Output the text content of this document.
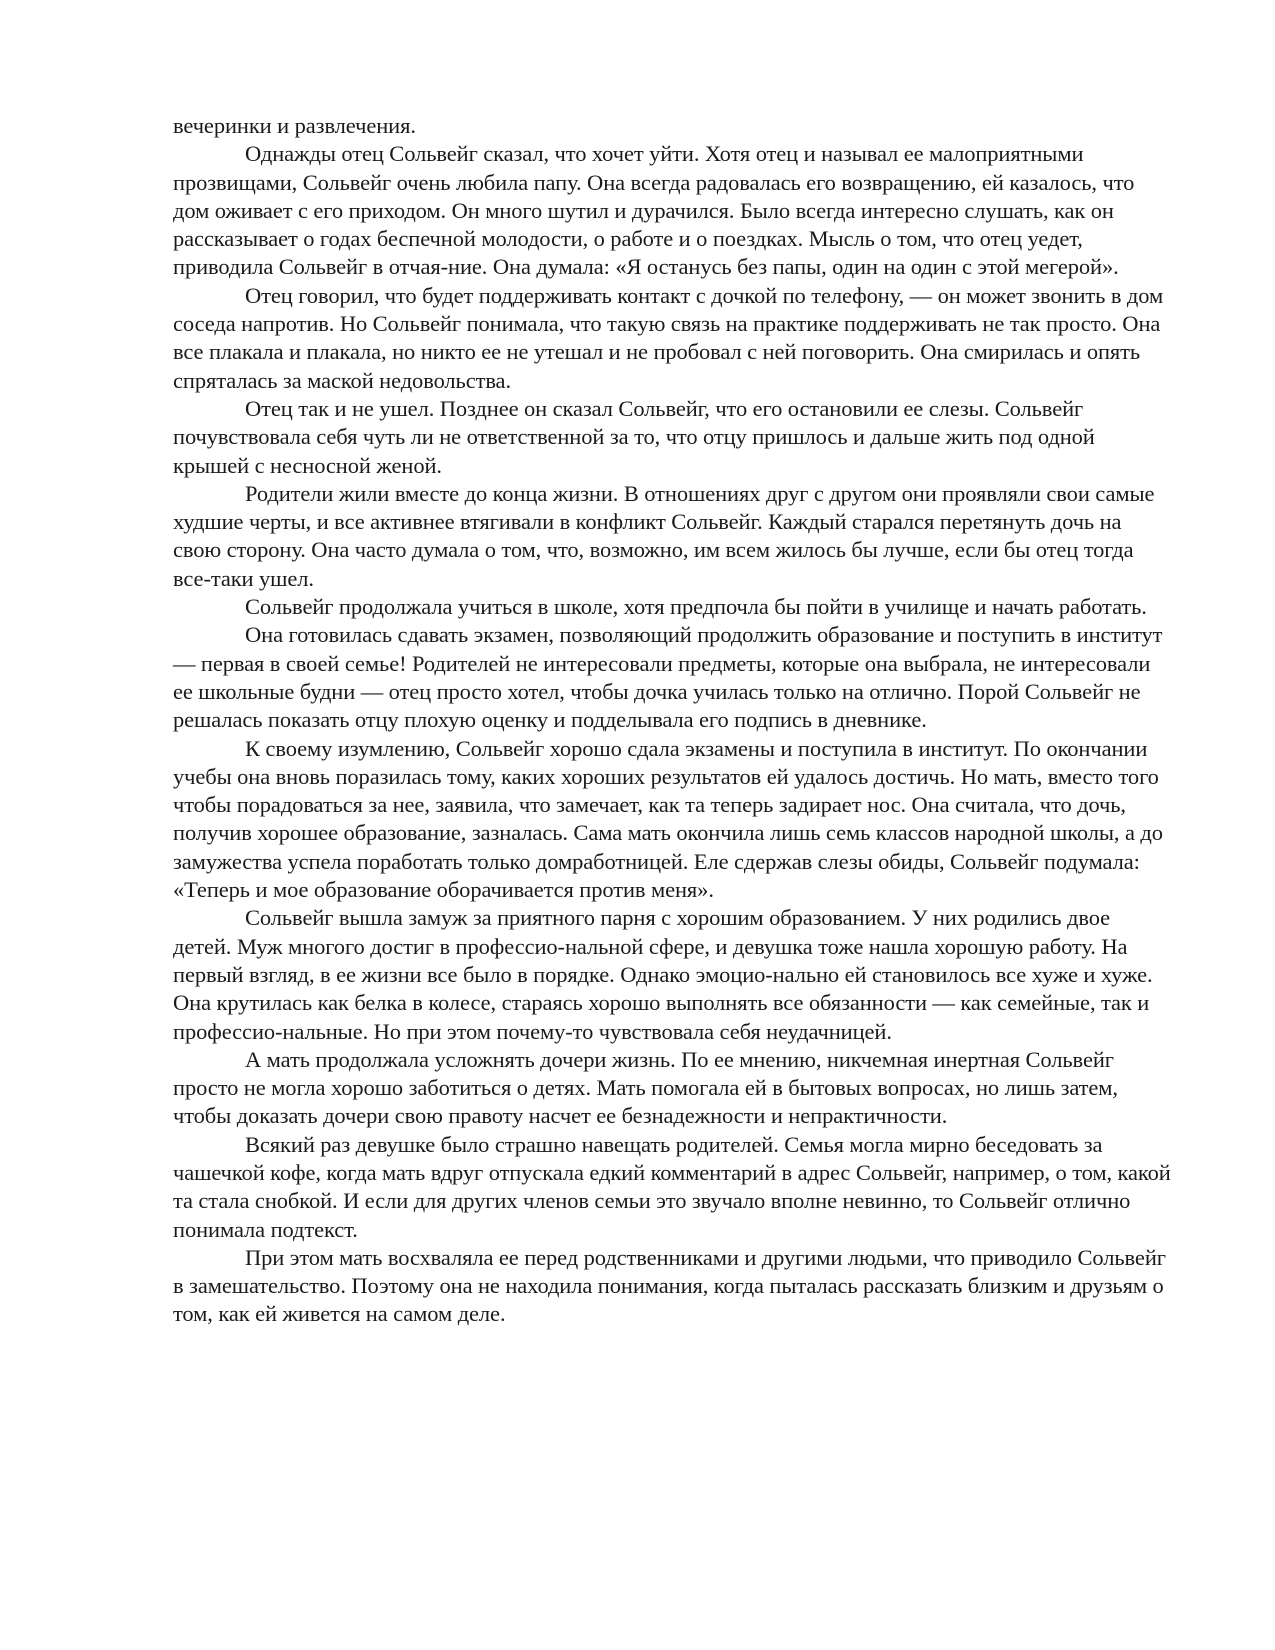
вечеринки и развлечения.

Однажды отец Сольвейг сказал, что хочет уйти. Хотя отец и называл ее малоприятными прозвищами, Сольвейг очень любила папу. Она всегда радовалась его возвращению, ей казалось, что дом оживает с его приходом. Он много шутил и дурачился. Было всегда интересно слушать, как он рассказывает о годах беспечной молодости, о работе и о поездках. Мысль о том, что отец уедет, приводила Сольвейг в отчая-ние. Она думала: «Я останусь без папы, один на один с этой мегерой».

Отец говорил, что будет поддерживать контакт с дочкой по телефону, — он может звонить в дом соседа напротив. Но Сольвейг понимала, что такую связь на практике поддерживать не так просто. Она все плакала и плакала, но никто ее не утешал и не пробовал с ней поговорить. Она смирилась и опять спряталась за маской недовольства.

Отец так и не ушел. Позднее он сказал Сольвейг, что его остановили ее слезы. Сольвейг почувствовала себя чуть ли не ответственной за то, что отцу пришлось и дальше жить под одной крышей с несносной женой.

Родители жили вместе до конца жизни. В отношениях друг с другом они проявляли свои самые худшие черты, и все активнее втягивали в конфликт Сольвейг. Каждый старался перетянуть дочь на свою сторону. Она часто думала о том, что, возможно, им всем жилось бы лучше, если бы отец тогда все-таки ушел.

Сольвейг продолжала учиться в школе, хотя предпочла бы пойти в училище и начать работать.

Она готовилась сдавать экзамен, позволяющий продолжить образование и поступить в институт — первая в своей семье! Родителей не интересовали предметы, которые она выбрала, не интересовали ее школьные будни — отец просто хотел, чтобы дочка училась только на отлично. Порой Сольвейг не решалась показать отцу плохую оценку и подделывала его подпись в дневнике.

К своему изумлению, Сольвейг хорошо сдала экзамены и поступила в институт. По окончании учебы она вновь поразилась тому, каких хороших результатов ей удалось достичь. Но мать, вместо того чтобы порадоваться за нее, заявила, что замечает, как та теперь задирает нос. Она считала, что дочь, получив хорошее образование, зазналась. Сама мать окончила лишь семь классов народной школы, а до замужества успела поработать только домработницей. Еле сдержав слезы обиды, Сольвейг подумала: «Теперь и мое образование оборачивается против меня».

Сольвейг вышла замуж за приятного парня с хорошим образованием. У них родились двое детей. Муж многого достиг в профессио-нальной сфере, и девушка тоже нашла хорошую работу. На первый взгляд, в ее жизни все было в порядке. Однако эмоцио-нально ей становилось все хуже и хуже. Она крутилась как белка в колесе, стараясь хорошо выполнять все обязанности — как семейные, так и профессио-нальные. Но при этом почему-то чувствовала себя неудачницей.

А мать продолжала усложнять дочери жизнь. По ее мнению, никчемная инертная Сольвейг просто не могла хорошо заботиться о детях. Мать помогала ей в бытовых вопросах, но лишь затем, чтобы доказать дочери свою правоту насчет ее безнадежности и непрактичности.

Всякий раз девушке было страшно навещать родителей. Семья могла мирно беседовать за чашечкой кофе, когда мать вдруг отпускала едкий комментарий в адрес Сольвейг, например, о том, какой та стала снобкой. И если для других членов семьи это звучало вполне невинно, то Сольвейг отлично понимала подтекст.

При этом мать восхваляла ее перед родственниками и другими людьми, что приводило Сольвейг в замешательство. Поэтому она не находила понимания, когда пыталась рассказать близким и друзьям о том, как ей живется на самом деле.
